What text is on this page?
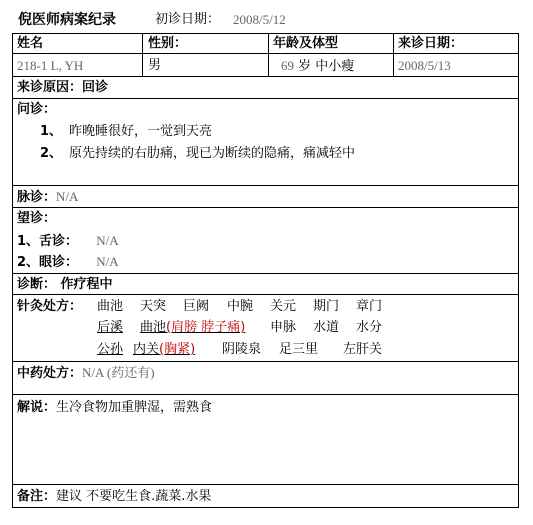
倪医师病案纪录	初诊日期： 2008/5/12
姓名	性别：	年龄及体型	来诊日期：
218-1 L, YH	男	69 岁 中小瘦	2008/5/13
来诊原因：回诊
问诊：
1、 昨晚睡很好，一觉到天亮
2、 原先持续的右肋痛，现已为断续的隐痛，痛减轻中
脉诊：N/A
望诊：
1、舌诊： N/A
2、眼诊： N/A
诊断： 作疗程中
针灸处方： 曲池 天突 巨阙 中腕 关元 期门 章门
后溪 曲池(肩膀 脖子痛) 申脉 水道 水分
公孙 内关(胸紧) 阴陵泉 足三里 左肝关
中药处方：N/A (药还有)
解说：生冷食物加重脾湿，需熟食
备注：建议 不要吃生食.蔬菜.水果
